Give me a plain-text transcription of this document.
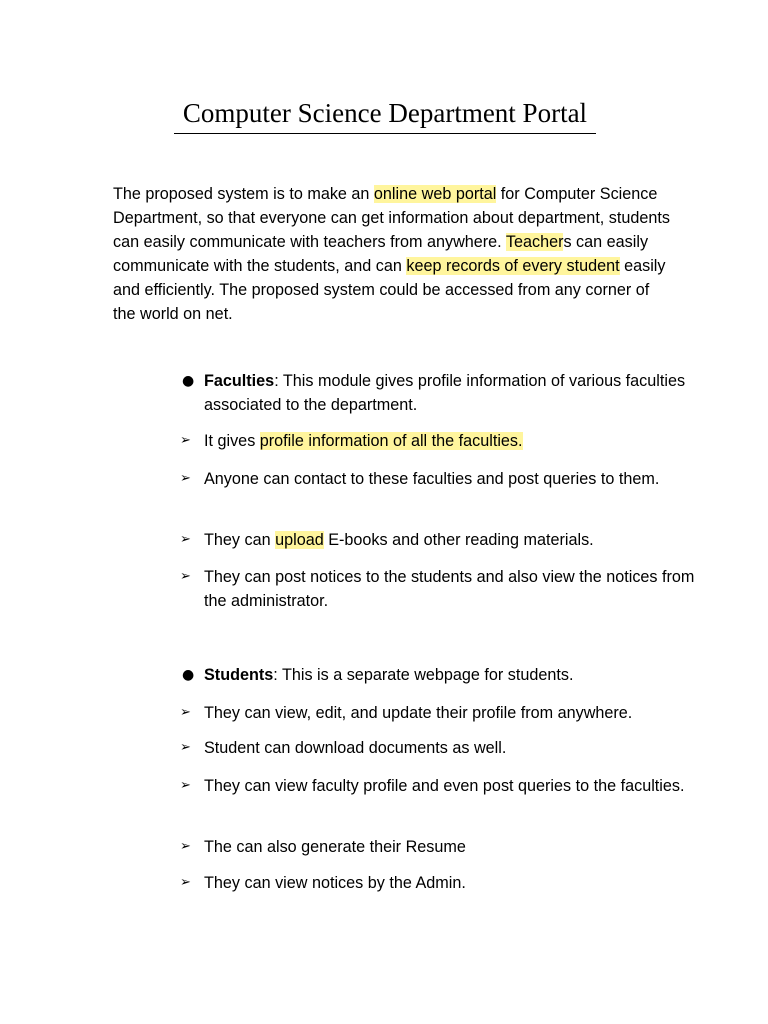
Computer Science Department Portal

The proposed system is to make an online web portal for Computer Science Department, so that everyone can get information about department, students can easily communicate with teachers from anywhere. Teachers can easily communicate with the students, and can keep records of every student easily and efficiently. The proposed system could be accessed from any corner of the world on net.

● Faculties: This module gives profile information of various faculties associated to the department.

➢ It gives profile information of all the faculties.

➢ Anyone can contact to these faculties and post queries to them.

➢ They can upload E-books and other reading materials.

➢ They can post notices to the students and also view the notices from the administrator.

● Students: This is a separate webpage for students.

➢ They can view, edit, and update their profile from anywhere.

➢ Student can download documents as well.

➢ They can view faculty profile and even post queries to the faculties.

➢ The can also generate their Resume

➢ They can view notices by the Admin.
